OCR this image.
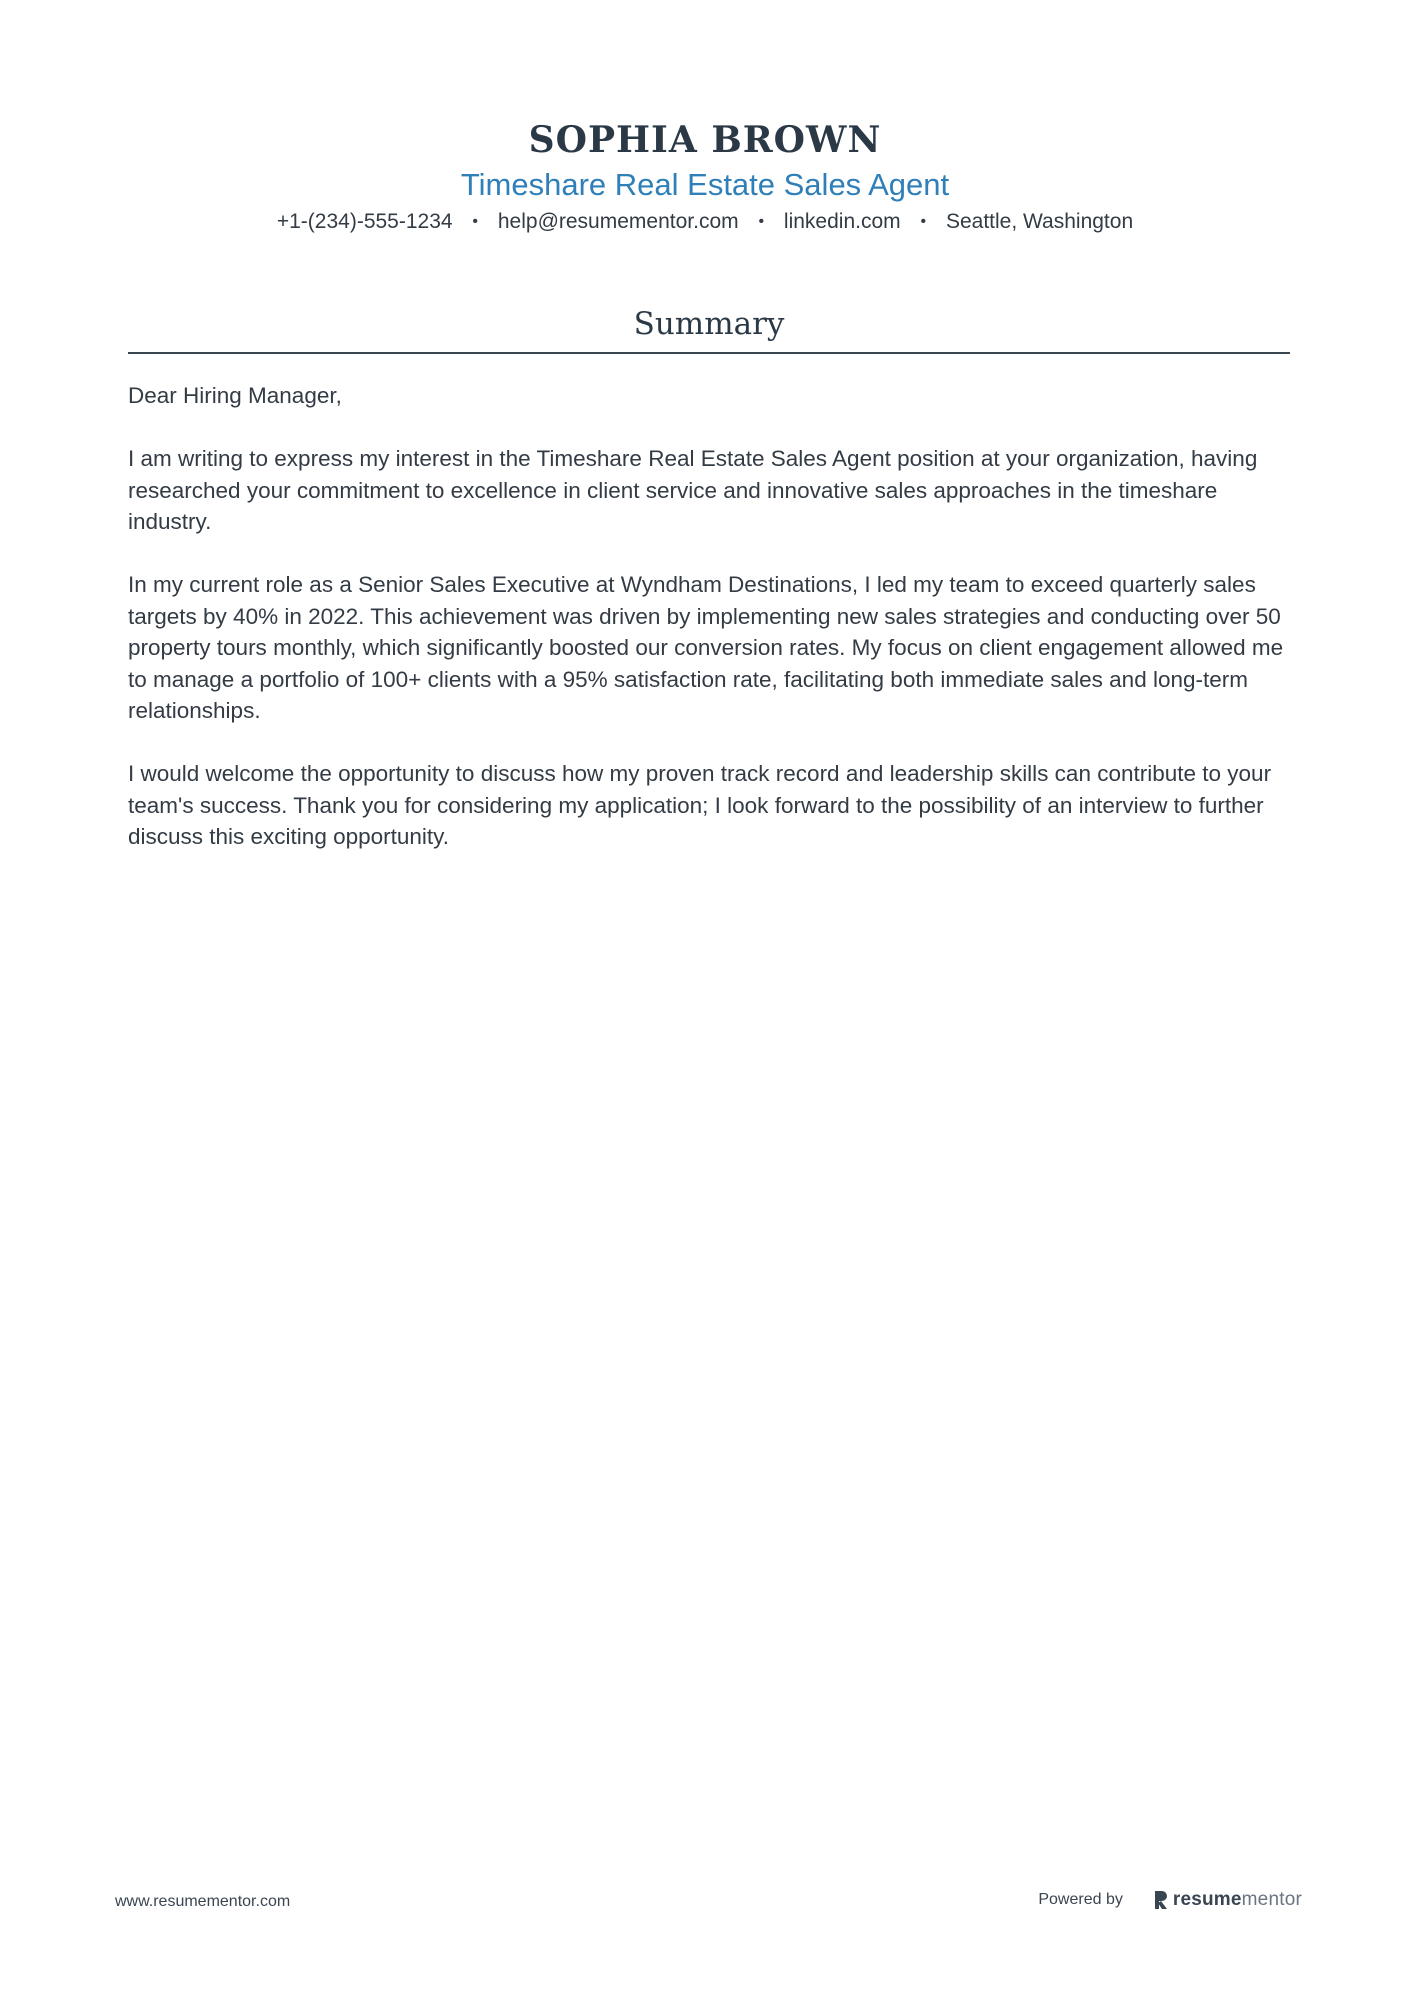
SOPHIA BROWN
Timeshare Real Estate Sales Agent
+1-(234)-555-1234 • help@resumementor.com • linkedin.com • Seattle, Washington
Summary

Dear Hiring Manager,

I am writing to express my interest in the Timeshare Real Estate Sales Agent position at your organization, having researched your commitment to excellence in client service and innovative sales approaches in the timeshare industry.

In my current role as a Senior Sales Executive at Wyndham Destinations, I led my team to exceed quarterly sales targets by 40% in 2022. This achievement was driven by implementing new sales strategies and conducting over 50 property tours monthly, which significantly boosted our conversion rates. My focus on client engagement allowed me to manage a portfolio of 100+ clients with a 95% satisfaction rate, facilitating both immediate sales and long-term relationships.

I would welcome the opportunity to discuss how my proven track record and leadership skills can contribute to your team's success. Thank you for considering my application; I look forward to the possibility of an interview to further discuss this exciting opportunity.

www.resumementor.com	Powered by	resumementor
